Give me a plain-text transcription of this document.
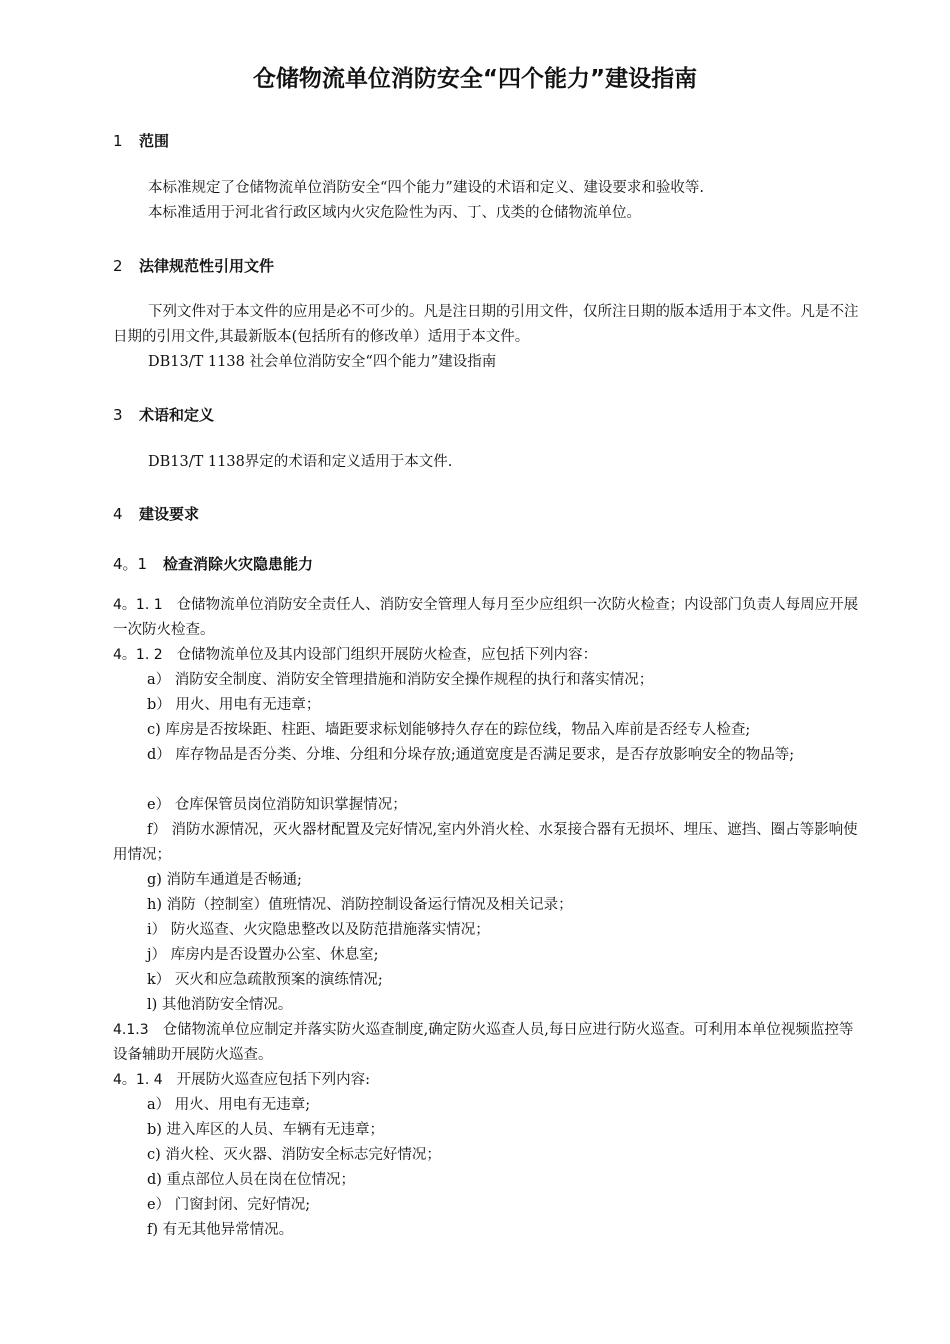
仓储物流单位消防安全“四个能力”建设指南
1 范围
本标准规定了仓储物流单位消防安全“四个能力”建设的术语和定义、建设要求和验收等.
本标准适用于河北省行政区域内火灾危险性为丙、丁、戊类的仓储物流单位。
2 法律规范性引用文件
下列文件对于本文件的应用是必不可少的。凡是注日期的引用文件，仅所注日期的版本适用于本文件。凡是不注日期的引用文件,其最新版本(包括所有的修改单）适用于本文件。
DB13/T 1138 社会单位消防安全“四个能力”建设指南
3 术语和定义
DB13/T 1138界定的术语和定义适用于本文件.
4 建设要求
4。1 检查消除火灾隐患能力
4。1. 1 仓储物流单位消防安全责任人、消防安全管理人每月至少应组织一次防火检查；内设部门负责人每周应开展一次防火检查。
4。1. 2 仓储物流单位及其内设部门组织开展防火检查，应包括下列内容：
a） 消防安全制度、消防安全管理措施和消防安全操作规程的执行和落实情况；
b） 用火、用电有无违章；
c) 库房是否按垛距、柱距、墙距要求标划能够持久存在的踪位线，物品入库前是否经专人检查;
d） 库存物品是否分类、分堆、分组和分垛存放;通道宽度是否满足要求，是否存放影响安全的物品等;
e） 仓库保管员岗位消防知识掌握情况；
f） 消防水源情况，灭火器材配置及完好情况,室内外消火栓、水泵接合器有无损坏、埋压、遮挡、圈占等影响使用情况；
g) 消防车通道是否畅通;
h) 消防（控制室）值班情况、消防控制设备运行情况及相关记录；
i） 防火巡查、火灾隐患整改以及防范措施落实情况；
j） 库房内是否设置办公室、休息室;
k） 灭火和应急疏散预案的演练情况;
l) 其他消防安全情况。
4.1.3 仓储物流单位应制定并落实防火巡查制度,确定防火巡查人员,每日应进行防火巡查。可利用本单位视频监控等设备辅助开展防火巡查。
4。1. 4 开展防火巡查应包括下列内容:
a） 用火、用电有无违章;
b) 进入库区的人员、车辆有无违章；
c) 消火栓、灭火器、消防安全标志完好情况；
d) 重点部位人员在岗在位情况；
e） 门窗封闭、完好情况;
f) 有无其他异常情况。
